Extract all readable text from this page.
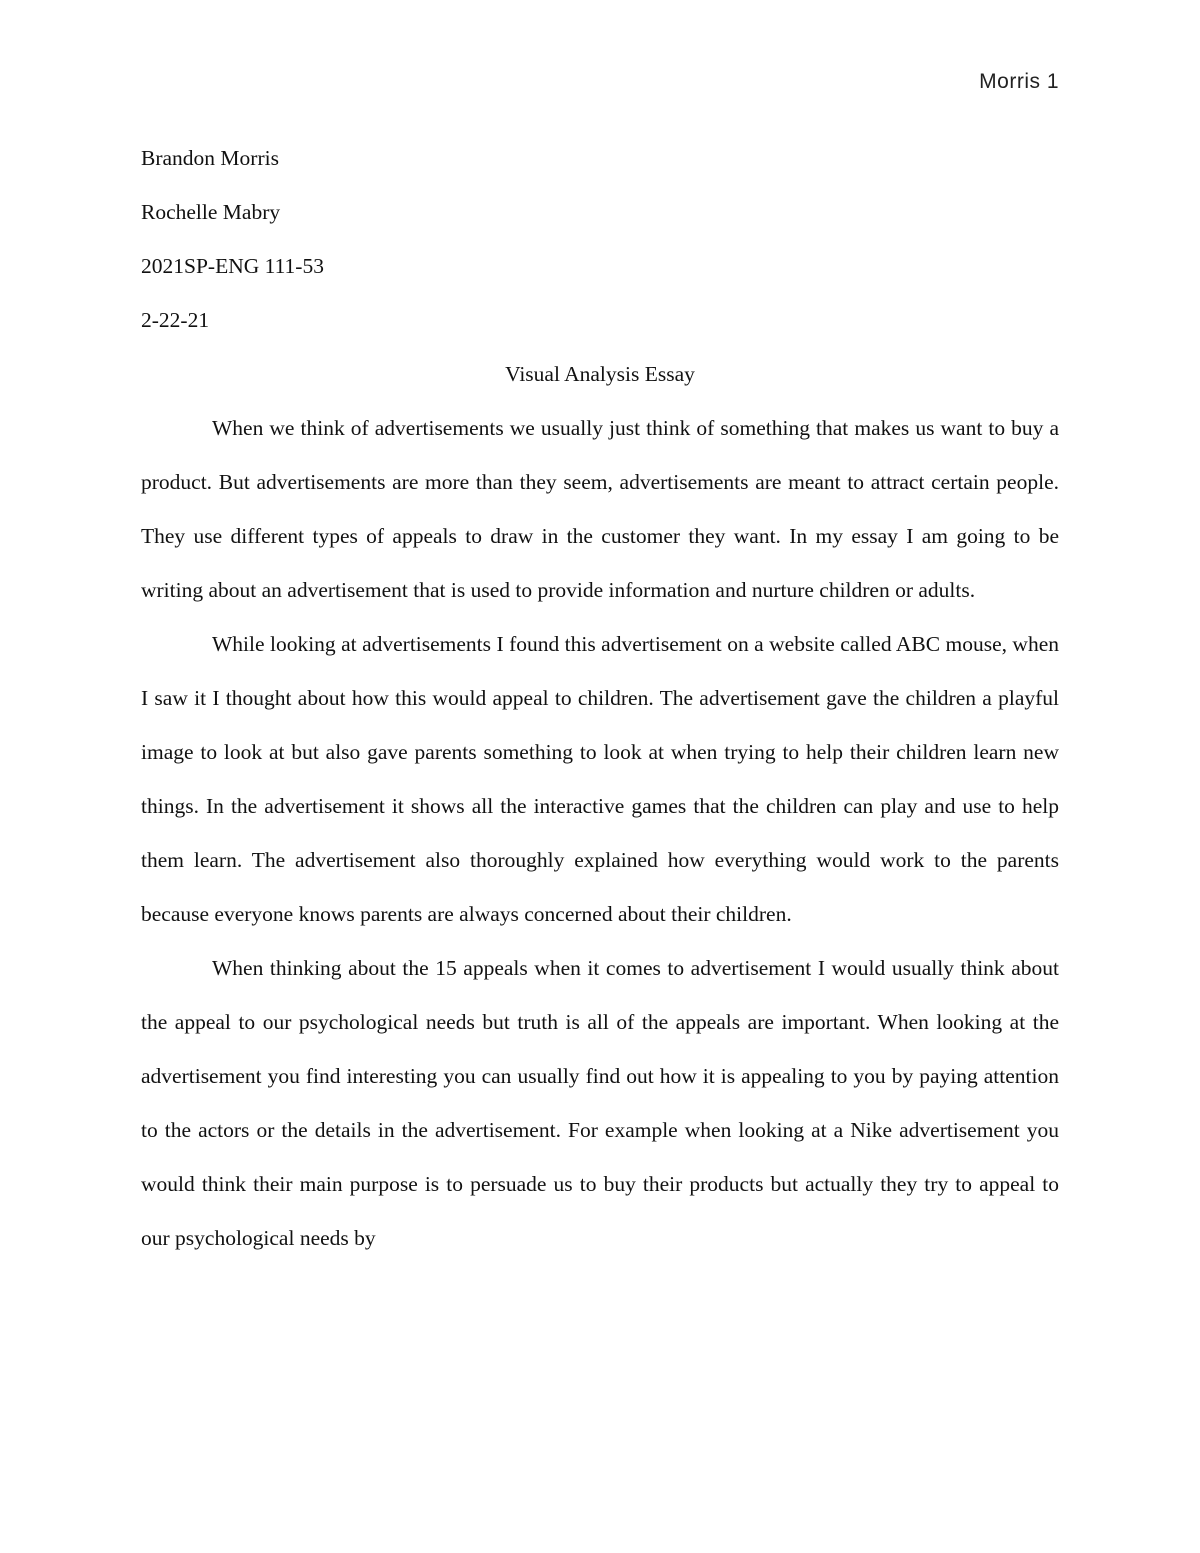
Morris 1
Brandon Morris
Rochelle Mabry
2021SP-ENG 111-53
2-22-21
Visual Analysis Essay

When we think of advertisements we usually just think of something that makes us want to buy a product. But advertisements are more than they seem, advertisements are meant to attract certain people. They use different types of appeals to draw in the customer they want. In my essay I am going to be writing about an advertisement that is used to provide information and nurture children or adults.

While looking at advertisements I found this advertisement on a website called ABC mouse, when I saw it I thought about how this would appeal to children. The advertisement gave the children a playful image to look at but also gave parents something to look at when trying to help their children learn new things. In the advertisement it shows all the interactive games that the children can play and use to help them learn. The advertisement also thoroughly explained how everything would work to the parents because everyone knows parents are always concerned about their children.

When thinking about the 15 appeals when it comes to advertisement I would usually think about the appeal to our psychological needs but truth is all of the appeals are important. When looking at the advertisement you find interesting you can usually find out how it is appealing to you by paying attention to the actors or the details in the advertisement. For example when looking at a Nike advertisement you would think their main purpose is to persuade us to buy their products but actually they try to appeal to our psychological needs by
